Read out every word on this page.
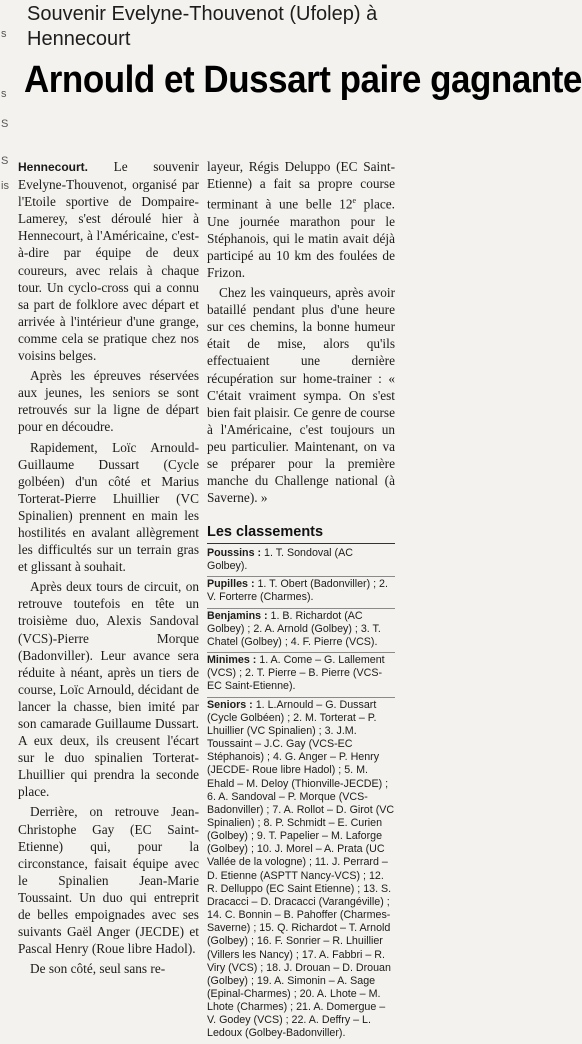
s
s
S
S
is
Souvenir Evelyne-Thouvenot (Ufolep) à Hennecourt
Arnould et Dussart paire gagnante

Hennecourt. Le souvenir Evelyne-Thouvenot, organisé par l'Etoile sportive de Dompaire-Lamerey, s'est déroulé hier à Hennecourt, à l'Américaine, c'est-à-dire par équipe de deux coureurs, avec relais à chaque tour. Un cyclo-cross qui a connu sa part de folklore avec départ et arrivée à l'intérieur d'une grange, comme cela se pratique chez nos voisins belges.

Après les épreuves réservées aux jeunes, les seniors se sont retrouvés sur la ligne de départ pour en découdre.

Rapidement, Loïc Arnould-Guillaume Dussart (Cycle golbéen) d'un côté et Marius Torterat-Pierre Lhuillier (VC Spinalien) prennent en main les hostilités en avalant allègrement les difficultés sur un terrain gras et glissant à souhait.

Après deux tours de circuit, on retrouve toutefois en tête un troisième duo, Alexis Sandoval (VCS)-Pierre Morque (Badonviller). Leur avance sera réduite à néant, après un tiers de course, Loïc Arnould, décidant de lancer la chasse, bien imité par son camarade Guillaume Dussart. A eux deux, ils creusent l'écart sur le duo spinalien Torterat-Lhuillier qui prendra la seconde place.

Derrière, on retrouve Jean-Christophe Gay (EC Saint-Etienne) qui, pour la circonstance, faisait équipe avec le Spinalien Jean-Marie Toussaint. Un duo qui entreprit de belles empoignades avec ses suivants Gaël Anger (JECDE) et Pascal Henry (Roue libre Hadol).

De son côté, seul sans re-

layeur, Régis Deluppo (EC Saint-Etienne) a fait sa propre course terminant à une belle 12e place. Une journée marathon pour le Stéphanois, qui le matin avait déjà participé au 10 km des foulées de Frizon.

Chez les vainqueurs, après avoir bataillé pendant plus d'une heure sur ces chemins, la bonne humeur était de mise, alors qu'ils effectuaient une dernière récupération sur home-trainer : « C'était vraiment sympa. On s'est bien fait plaisir. Ce genre de course à l'Américaine, c'est toujours un peu particulier. Maintenant, on va se préparer pour la première manche du Challenge national (à Saverne). »

Les classements
Poussins : 1. T. Sondoval (AC Golbey).
Pupilles : 1. T. Obert (Badonviller) ; 2. V. Forterre (Charmes).
Benjamins : 1. B. Richardot (AC Golbey) ; 2. A. Arnold (Golbey) ; 3. T. Chatel (Golbey) ; 4. F. Pierre (VCS).
Minimes : 1. A. Come – G. Lallement (VCS) ; 2. T. Pierre – B. Pierre (VCS-EC Saint-Etienne).
Seniors : 1. L.Arnould – G. Dussart (Cycle Golbéen) ; 2. M. Torterat – P. Lhuillier (VC Spinalien) ; 3. J.M. Toussaint – J.C. Gay (VCS-EC Stéphanois) ; 4. G. Anger – P. Henry (JECDE- Roue libre Hadol) ; 5. M. Ehald – M. Deloy (Thionville-JECDE) ; 6. A. Sandoval – P. Morque (VCS-Badonviller) ; 7. A. Rollot – D. Girot (VC Spinalien) ; 8. P. Schmidt – E. Curien (Golbey) ; 9. T. Papelier – M. Laforge (Golbey) ; 10. J. Morel – A. Prata (UC Vallée de la vologne) ; 11. J. Perrard – D. Etienne (ASPTT Nancy-VCS) ; 12. R. Delluppo (EC Saint Etienne) ; 13. S. Dracacci – D. Dracacci (Varangéville) ; 14. C. Bonnin – B. Pahoffer (Charmes-Saverne) ; 15. Q. Richardot – T. Arnold (Golbey) ; 16. F. Sonrier – R. Lhuillier (Villers les Nancy) ; 17. A. Fabbri – R. Viry (VCS) ; 18. J. Drouan – D. Drouan (Golbey) ; 19. A. Simonin – A. Sage (Epinal-Charmes) ; 20. A. Lhote – M. Lhote (Charmes) ; 21. A. Domergue – V. Godey (VCS) ; 22. A. Deffry – L. Ledoux (Golbey-Badonviller).
